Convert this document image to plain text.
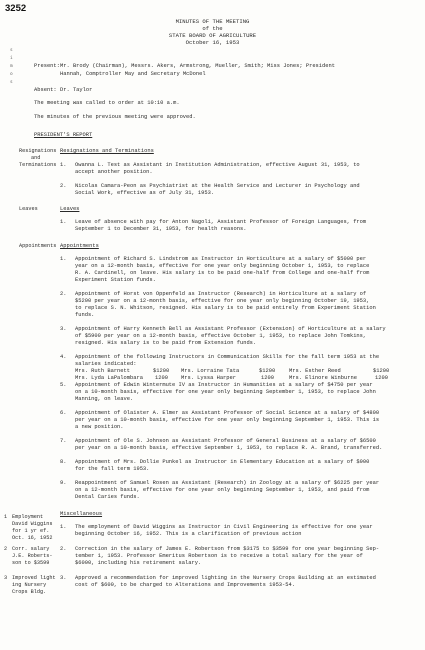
3252
s
i
m
o
s
MINUTES OF THE MEETING
of the
STATE BOARD OF AGRICULTURE
October 16, 1953
Present: Mr. Brody (Chairman), Messrs. Akers, Armstrong, Mueller, Smith; Miss Jones; President
Hannah, Comptroller May and Secretary McDonel
Absent: Dr. Taylor
The meeting was called to order at 10:10 a.m.
The minutes of the previous meeting were approved.
PRESIDENT'S REPORT
Resignations
and
Terminations
Resignations and Terminations
1. Owanna L. Test as Assistant in Institution Administration, effective August 31, 1953, to
accept another position.
2. Nicolas Camara-Peon as Psychiatrist at the Health Service and Lecturer in Psychology and
Social Work, effective as of July 31, 1953.
Leaves	Leaves
1. Leave of absence with pay for Anton Nagoli, Assistant Professor of Foreign Languages, from
September 1 to December 31, 1953, for health reasons.
Appointments Appointments
1. Appointment of Richard S. Lindstrom as Instructor in Horticulture at a salary of $5000 per
year on a 12-month basis, effective for one year only beginning October 1, 1953, to replace
R. A. Cardinell, on leave. His salary is to be paid one-half from College and one-half from
Experiment Station funds.
2. Appointment of Horst von Oppenfeld as Instructor (Research) in Horticulture at a salary of
$5200 per year on a 12-month basis, effective for one year only beginning October 19, 1953,
to replace S. N. Whitson, resigned. His salary is to be paid entirely from Experiment Station
funds.
3. Appointment of Harry Kenneth Bell as Assistant Professor (Extension) of Horticulture at a salary
of $5900 per year on a 12-month basis, effective October 1, 1953, to replace John Tomkins,
resigned. His salary is to be paid from Extension funds.
4. Appointment of the following Instructors in Communication Skills for the fall term 1953 at the
salaries indicated:
Mrs. Ruth Barnett	$1200 Mrs. Lorraine Tata	$1200	Mrs. Esther Reed	$1200
Mrs. Lyda LaPalombara 1200 Mrs. Lyssa Harper	1200	Mrs. Elinore Winburne	1200
5. Appointment of Edwin Wintermute IV as Instructor in Humanities at a salary of $4750 per year
on a 10-month basis, effective for one year only beginning September 1, 1953, to replace John
Manning, on leave.
6. Appointment of Olaister A. Elmer as Assistant Professor of Social Science at a salary of $4800
per year on a 10-month basis, effective for one year only beginning September 1, 1953. This is
a new position.
7. Appointment of Ole S. Johnson as Assistant Professor of General Business at a salary of $6500
per year on a 10-month basis, effective September 1, 1953, to replace R. A. Brand, transferred.
8. Appointment of Mrs. Dollie Punkel as Instructor in Elementary Education at a salary of $900
for the fall term 1953.
9. Reappointment of Samuel Rosen as Assistant (Research) in Zoology at a salary of $6225 per year
on a 12-month basis, effective for one year only beginning September 1, 1953, and paid from
Dental Caries funds.
Miscellaneous
1 Employment
David Wiggins
for 1 yr ef.
Oct. 16, 1952
2 Corr. salary
J.E. Roberts-
son to $3599
3 Improved light
ing Nursery
Crops Bldg.
1. The employment of David Wiggins as Instructor in Civil Engineering is effective for one year
beginning October 16, 1952. This is a clarification of previous action
2. Correction in the salary of James E. Robertson from $3175 to $3599 for one year beginning Sep-
tember 1, 1953. Professor Emeritus Robertson is to receive a total salary for the year of
$6000, including his retirement salary.
3. Approved a recommendation for improved lighting in the Nursery Crops Building at an estimated
cost of $600, to be charged to Alterations and Improvements 1953-54.
